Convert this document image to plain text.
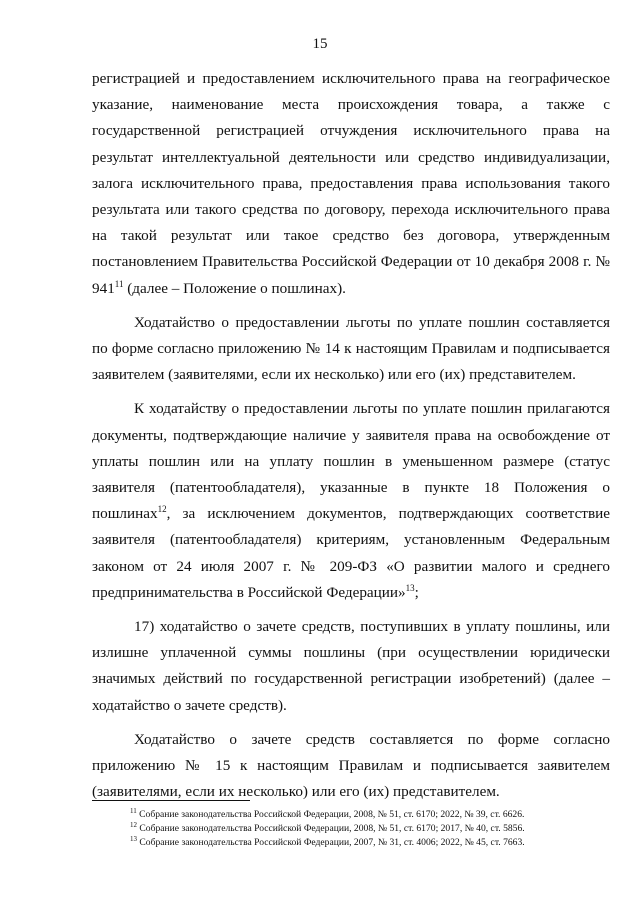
15

регистрацией и предоставлением исключительного права на географическое указание, наименование места происхождения товара, а также с государственной регистрацией отчуждения исключительного права на результат интеллектуальной деятельности или средство индивидуализации, залога исключительного права, предоставления права использования такого результата или такого средства по договору, перехода исключительного права на такой результат или такое средство без договора, утвержденным постановлением Правительства Российской Федерации от 10 декабря 2008 г. № $941^{11}$ (далее – Положение о пошлинах).

Ходатайство о предоставлении льготы по уплате пошлин составляется по форме согласно приложению № 14 к настоящим Правилам и подписывается заявителем (заявителями, если их несколько) или его (их) представителем.

К ходатайству о предоставлении льготы по уплате пошлин прилагаются документы, подтверждающие наличие у заявителя права на освобождение от уплаты пошлин или на уплату пошлин в уменьшенном размере (статус заявителя (патентообладателя), указанные в пункте 18 Положения о пошлинах$^{12}$, за исключением документов, подтверждающих соответствие заявителя (патентообладателя) критериям, установленным Федеральным законом от 24 июля 2007 г. № 209-ФЗ «О развитии малого и среднего предпринимательства в Российской Федерации»$^{13}$;

17) ходатайство о зачете средств, поступивших в уплату пошлины, или излишне уплаченной суммы пошлины (при осуществлении юридически значимых действий по государственной регистрации изобретений) (далее – ходатайство о зачете средств).

Ходатайство о зачете средств составляется по форме согласно приложению № 15 к настоящим Правилам и подписывается заявителем (заявителями, если их несколько) или его (их) представителем.

$^{11}$ Собрание законодательства Российской Федерации, 2008, № 51, ст. 6170; 2022, № 39, ст. 6626.
$^{12}$ Собрание законодательства Российской Федерации, 2008, № 51, ст. 6170; 2017, № 40, ст. 5856.
$^{13}$ Собрание законодательства Российской Федерации, 2007, № 31, ст. 4006; 2022, № 45, ст. 7663.
